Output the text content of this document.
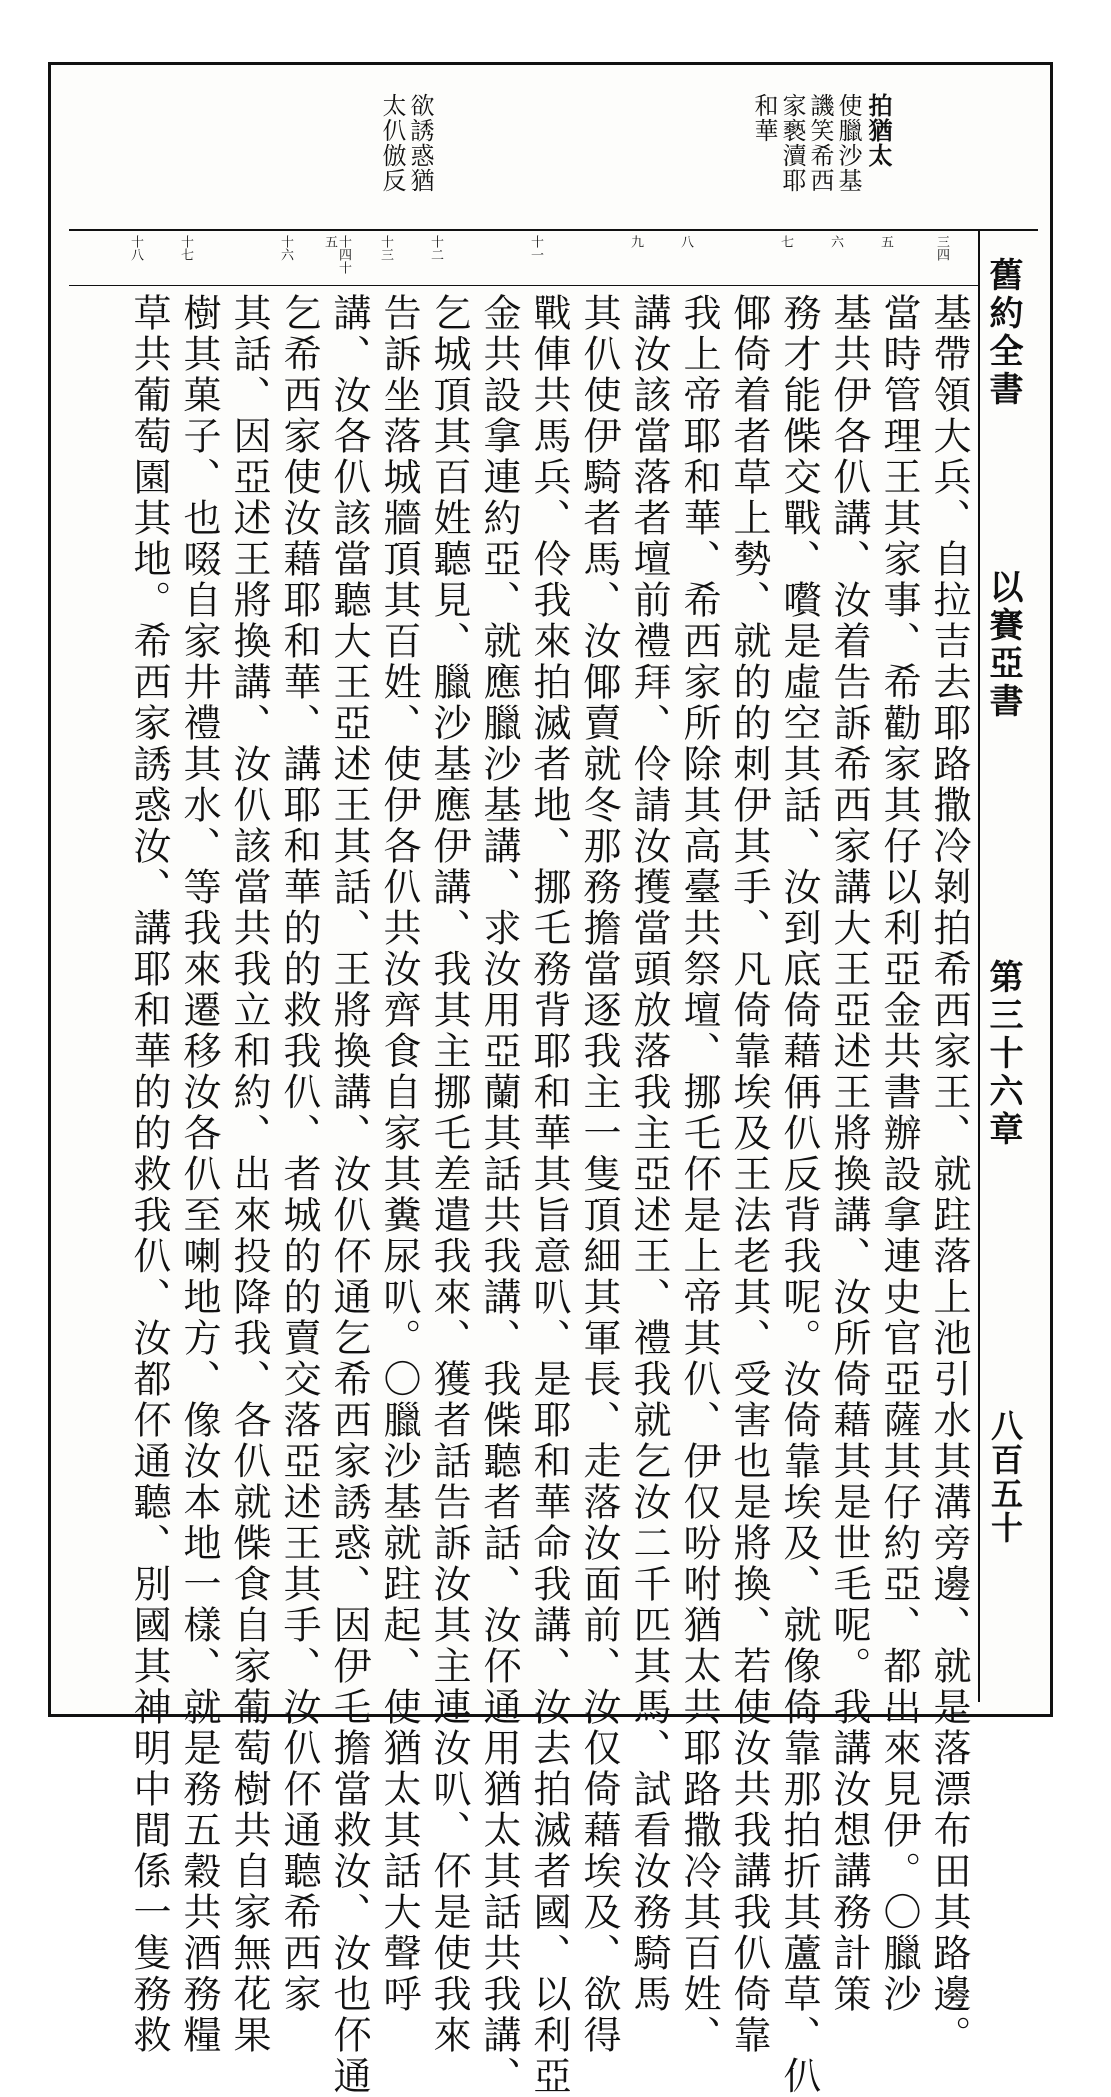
拍猶太
使臘沙基
譏笑希西
家褻瀆耶
和華
欲誘惑猶
太仈倣反
舊約全書
以賽亞書
第三十六章
八百五十
三四
五
六
七
八
九
十一
十二
十三
十四十五
十六
十七
十八
基帶領大兵、自拉吉去耶路撒冷剝拍希西家王、就跓落上池引水其溝旁邊、就是落漂布田其路邊。
當時管理王其家事、希勸家其仔以利亞金共書辦設拿連史官亞薩其仔約亞、都出來見伊。〇臘沙
基共伊各仈講、汝着告訴希西家講大王亞述王將換講、汝所倚藉其是世毛呢。我講汝想講務計策
務才能偨交戰、嚽是虛空其話、汝到底倚藉侢仈反背我呢。汝倚靠埃及、就像倚靠那拍折其蘆草、仈
倻倚着者草上勢、就的的刺伊其手、凡倚靠埃及王法老其、受害也是將換、若使汝共我講我仈倚靠
我上帝耶和華、希西家所除其高臺共祭壇、挪乇伓是上帝其仈、伊仅吩咐猶太共耶路撒冷其百姓、
講汝該當落者壇前禮拜、伶請汝擭當頭放落我主亞述王、禮我就乞汝二千匹其馬、試看汝務騎馬
其仈使伊騎者馬、汝倻賣就冬那務擔當逐我主一隻頂細其軍長、走落汝面前、汝仅倚藉埃及、欲得
戰俥共馬兵、伶我來拍滅者地、挪乇務背耶和華其旨意叭、是耶和華命我講、汝去拍滅者國、以利亞
金共設拿連約亞、就應臘沙基講、求汝用亞蘭其話共我講、我偨聽者話、汝伓通用猶太其話共我講、
乞城頂其百姓聽見、臘沙基應伊講、我其主挪乇差遣我來、獲者話告訴汝其主連汝叭、伓是使我來
告訴坐落城牆頂其百姓、使伊各仈共汝齊食自家其糞尿叭。〇臘沙基就跓起、使猶太其話大聲呼
講、汝各仈該當聽大王亞述王其話、王將換講、汝仈伓通乞希西家誘惑、因伊乇擔當救汝、汝也伓通
乞希西家使汝藉耶和華、講耶和華的的救我仈、者城的的賣交落亞述王其手、汝仈伓通聽希西家
其話、因亞述王將換講、汝仈該當共我立和約、出來投降我、各仈就偨食自家葡萄樹共自家無花果
樹其菓子、也啜自家井禮其水、等我來遷移汝各仈至喇地方、像汝本地一樣、就是務五穀共酒務糧
草共葡萄園其地。希西家誘惑汝、講耶和華的的救我仈、汝都伓通聽、別國其神明中間係一隻務救
